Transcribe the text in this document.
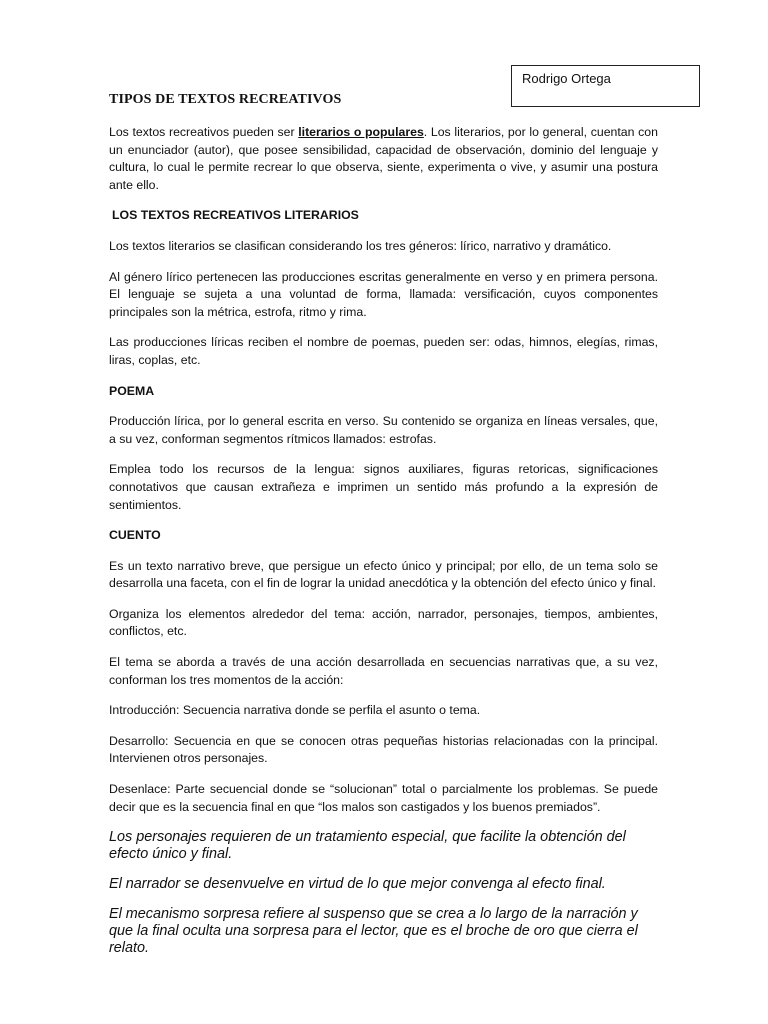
Rodrigo Ortega
TIPOS DE TEXTOS RECREATIVOS

Los textos recreativos pueden ser literarios o populares. Los literarios, por lo general, cuentan con un enunciador (autor), que posee sensibilidad, capacidad de observación, dominio del lenguaje y cultura, lo cual le permite recrear lo que observa, siente, experimenta o vive, y asumir una postura ante ello.

LOS TEXTOS RECREATIVOS LITERARIOS

Los textos literarios se clasifican considerando los tres géneros: lírico, narrativo y dramático.

Al género lírico pertenecen las producciones escritas generalmente en verso y en primera persona. El lenguaje se sujeta a una voluntad de forma, llamada: versificación, cuyos componentes principales son la métrica, estrofa, ritmo y rima.

Las producciones líricas reciben el nombre de poemas, pueden ser: odas, himnos, elegías, rimas, liras, coplas, etc.

POEMA

Producción lírica, por lo general escrita en verso. Su contenido se organiza en líneas versales, que, a su vez, conforman segmentos rítmicos llamados: estrofas.

Emplea todo los recursos de la lengua: signos auxiliares, figuras retoricas, significaciones connotativos que causan extrañeza e imprimen un sentido más profundo a la expresión de sentimientos.

CUENTO

Es un texto narrativo breve, que persigue un efecto único y principal; por ello, de un tema solo se desarrolla una faceta, con el fin de lograr la unidad anecdótica y la obtención del efecto único y final.

Organiza los elementos alrededor del tema: acción, narrador, personajes, tiempos, ambientes, conflictos, etc.

El tema se aborda a través de una acción desarrollada en secuencias narrativas que, a su vez, conforman los tres momentos de la acción:

Introducción: Secuencia narrativa donde se perfila el asunto o tema.

Desarrollo: Secuencia en que se conocen otras pequeñas historias relacionadas con la principal. Intervienen otros personajes.

Desenlace: Parte secuencial donde se “solucionan” total o parcialmente los problemas. Se puede decir que es la secuencia final en que “los malos son castigados y los buenos premiados”.

Los personajes requieren de un tratamiento especial, que facilite la obtención del efecto único y final.

El narrador se desenvuelve en virtud de lo que mejor convenga al efecto final.

El mecanismo sorpresa refiere al suspenso que se crea a lo largo de la narración y que la final oculta una sorpresa para el lector, que es el broche de oro que cierra el relato.
